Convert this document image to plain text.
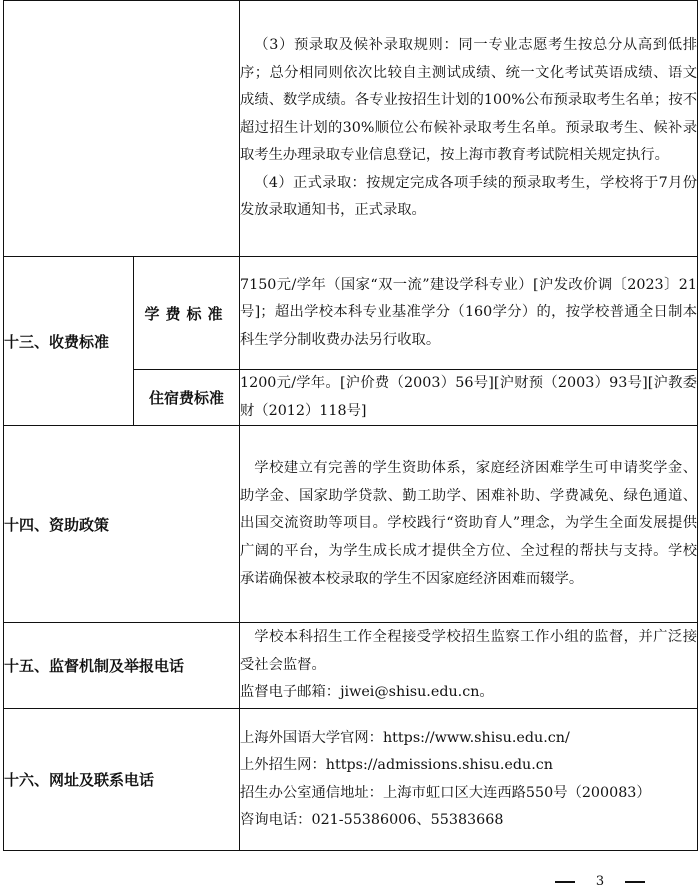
		（3）预录取及候补录取规则：同一专业志愿考生按总分从高到低排序；总分相同则依次比较自主测试成绩、统一文化考试英语成绩、语文成绩、数学成绩。各专业按招生计划的100%公布预录取考生名单；按不超过招生计划的30%顺位公布候补录取考生名单。预录取考生、候补录取考生办理录取专业信息登记，按上海市教育考试院相关规定执行。

（4）正式录取：按规定完成各项手续的预录取考生，学校将于7月份发放录取通知书，正式录取。

十三、收费标准	学费标准	7150元/学年（国家“双一流”建设学科专业）[沪发改价调〔2023〕21号]；超出学校本科专业基准学分（160学分）的，按学校普通全日制本科生学分制收费办法另行收取。

	住宿费标准	1200元/学年。[沪价费（2003）56号][沪财预（2003）93号][沪教委财（2012）118号]

十四、资助政策		学校建立有完善的学生资助体系，家庭经济困难学生可申请奖学金、助学金、国家助学贷款、勤工助学、困难补助、学费减免、绿色通道、出国交流资助等项目。学校践行“资助育人”理念，为学生全面发展提供广阔的平台，为学生成长成才提供全方位、全过程的帮扶与支持。学校承诺确保被本校录取的学生不因家庭经济困难而辍学。

十五、监督机制及举报电话		学校本科招生工作全程接受学校招生监察工作小组的监督，并广泛接受社会监督。

监督电子邮箱：jiwei@shisu.edu.cn。

十六、网址及联系电话		上海外国语大学官网：https://www.shisu.edu.cn/

上外招生网：https://admissions.shisu.edu.cn

招生办公室通信地址：上海市虹口区大连西路550号（200083）

咨询电话：021-55386006、55383668

3
